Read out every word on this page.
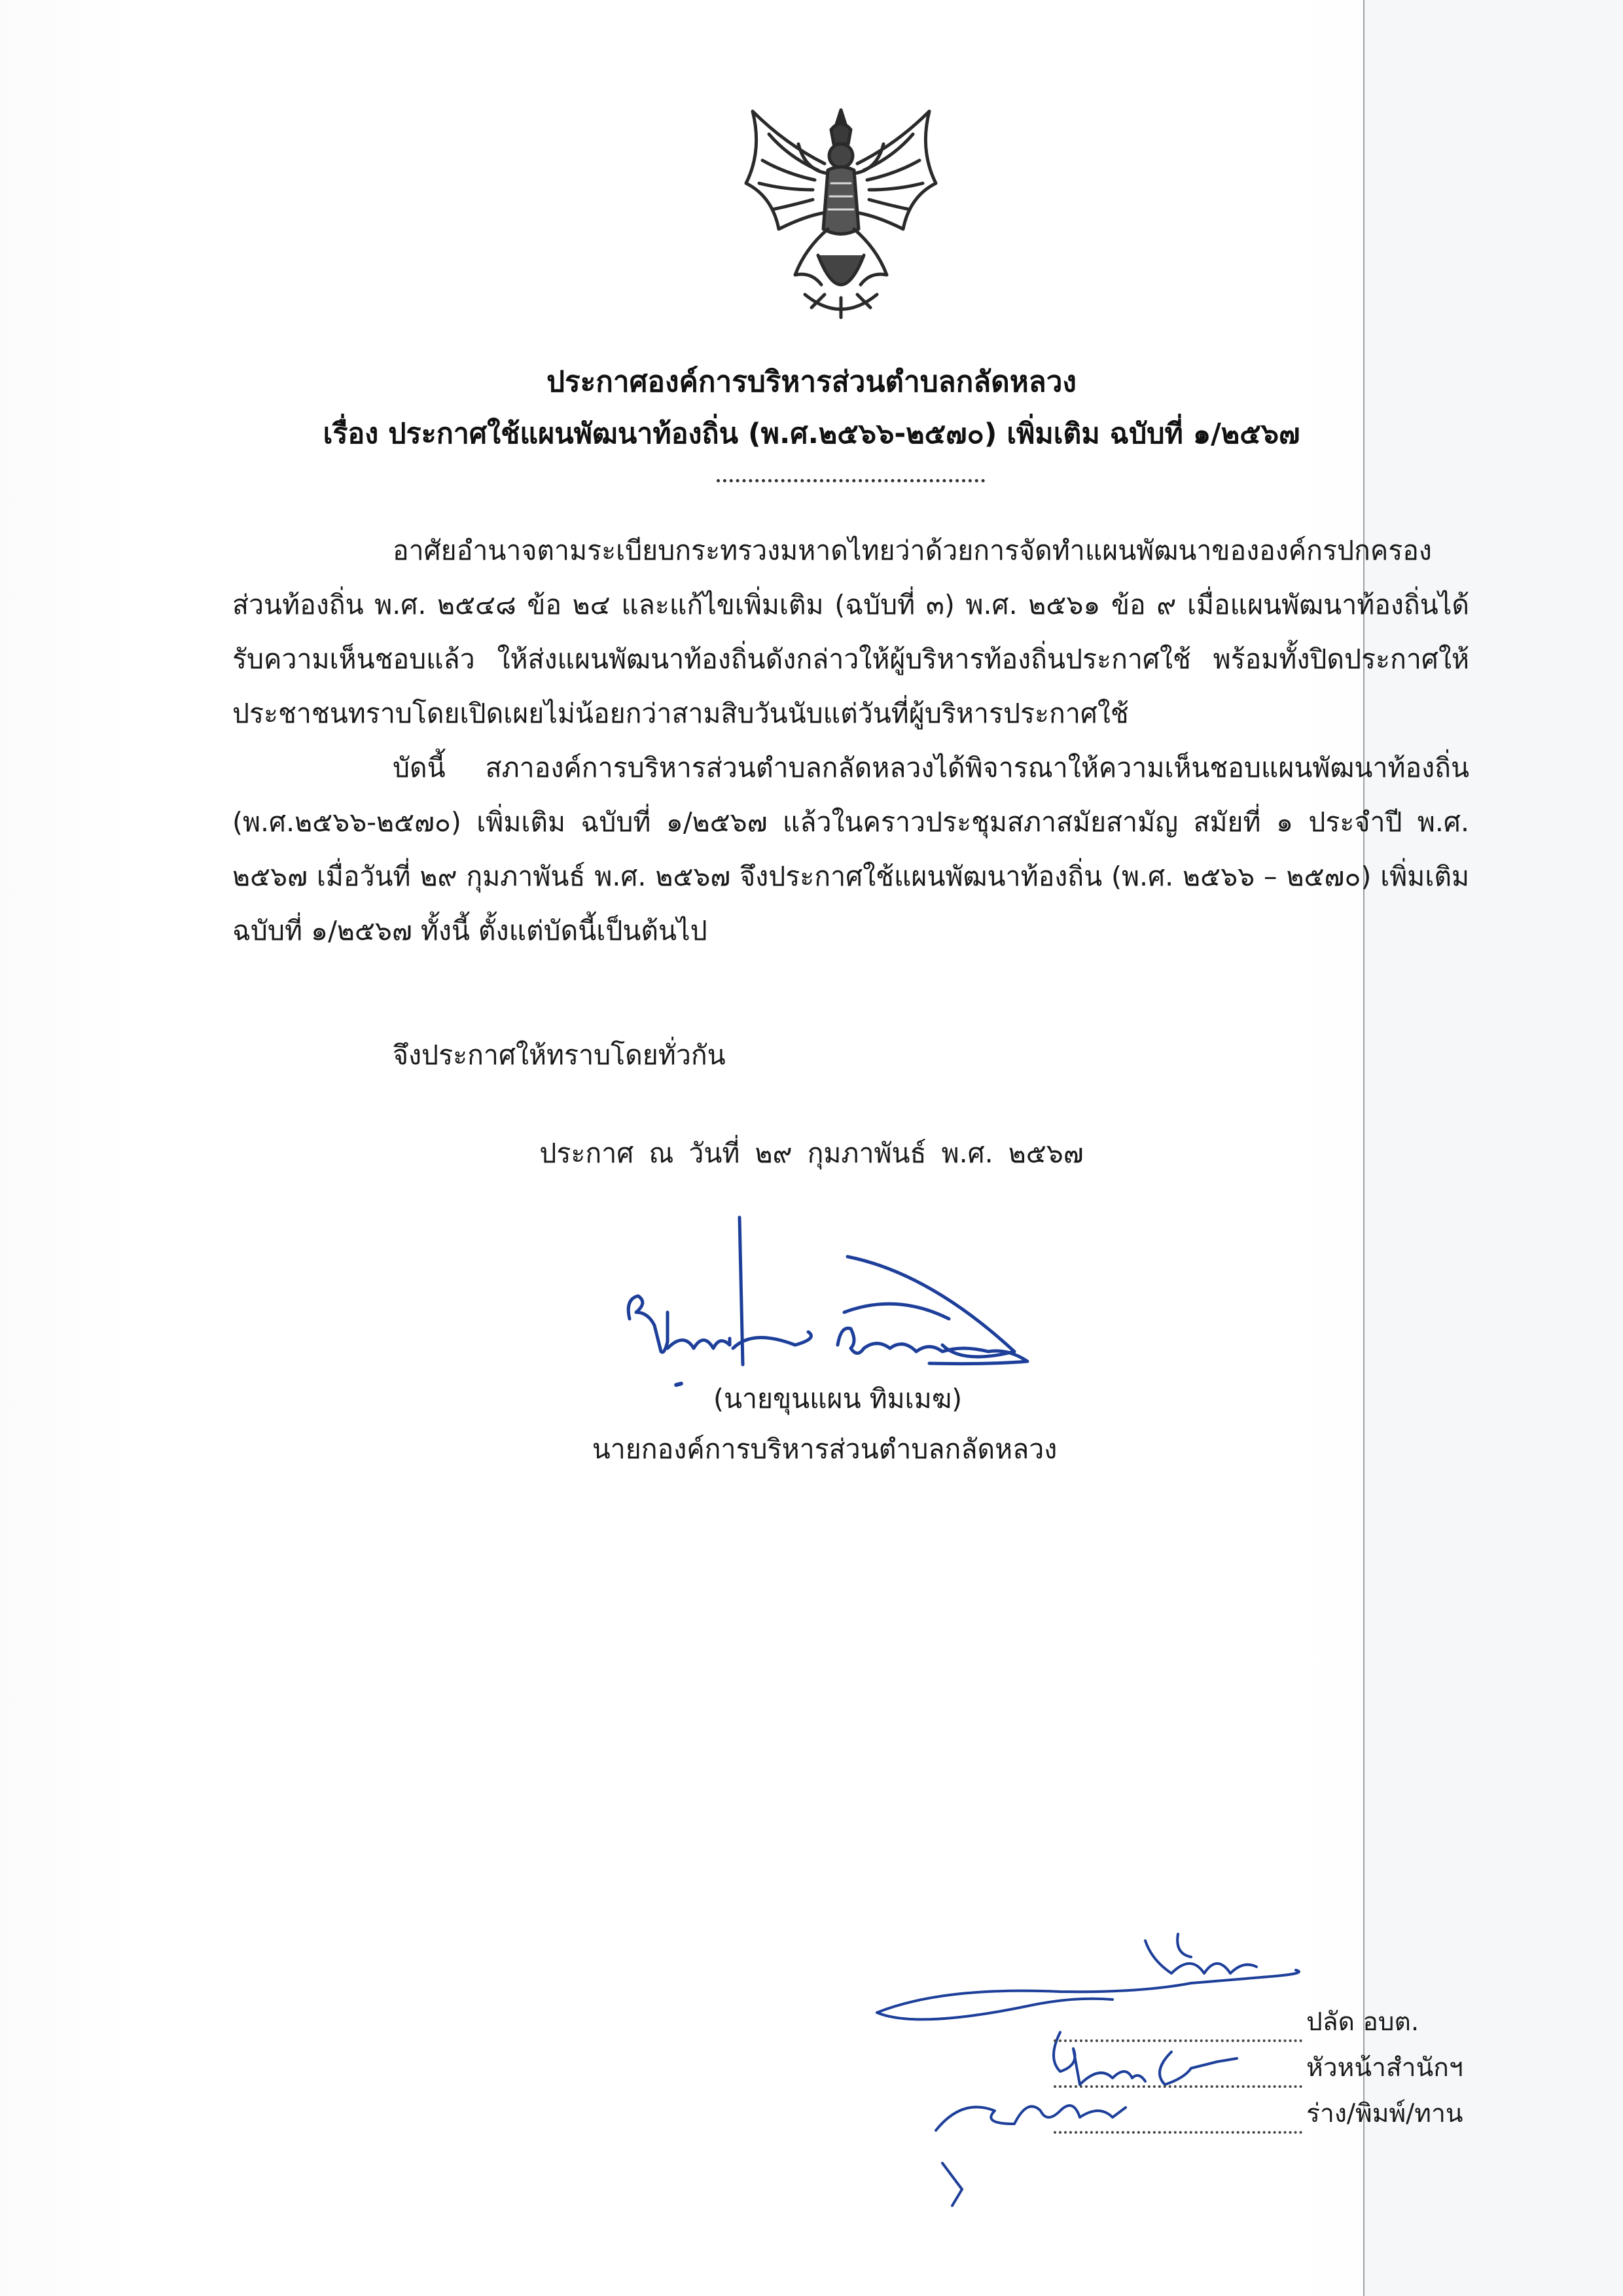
ประกาศองค์การบริหารส่วนตำบลกลัดหลวง
เรื่อง ประกาศใช้แผนพัฒนาท้องถิ่น (พ.ศ.๒๕๖๖-๒๕๗๐) เพิ่มเติม ฉบับที่ ๑/๒๕๖๗

อาศัยอำนาจตามระเบียบกระทรวงมหาดไทยว่าด้วยการจัดทำแผนพัฒนาขององค์กรปกครองส่วนท้องถิ่น พ.ศ. ๒๕๔๘ ข้อ ๒๔ และแก้ไขเพิ่มเติม (ฉบับที่ ๓) พ.ศ. ๒๕๖๑ ข้อ ๙ เมื่อแผนพัฒนาท้องถิ่นได้รับความเห็นชอบแล้ว ให้ส่งแผนพัฒนาท้องถิ่นดังกล่าวให้ผู้บริหารท้องถิ่นประกาศใช้ พร้อมทั้งปิดประกาศให้ประชาชนทราบโดยเปิดเผยไม่น้อยกว่าสามสิบวันนับแต่วันที่ผู้บริหารประกาศใช้

บัดนี้ สภาองค์การบริหารส่วนตำบลกลัดหลวงได้พิจารณาให้ความเห็นชอบแผนพัฒนาท้องถิ่น (พ.ศ.๒๕๖๖-๒๕๗๐) เพิ่มเติม ฉบับที่ ๑/๒๕๖๗ แล้วในคราวประชุมสภาสมัยสามัญ สมัยที่ ๑ ประจำปี พ.ศ. ๒๕๖๗ เมื่อวันที่ ๒๙ กุมภาพันธ์ พ.ศ. ๒๕๖๗ จึงประกาศใช้แผนพัฒนาท้องถิ่น (พ.ศ. ๒๕๖๖ – ๒๕๗๐) เพิ่มเติม ฉบับที่ ๑/๒๕๖๗ ทั้งนี้ ตั้งแต่บัดนี้เป็นต้นไป

จึงประกาศให้ทราบโดยทั่วกัน
ประกาศ ณ วันที่ ๒๙ กุมภาพันธ์ พ.ศ. ๒๕๖๗
(นายขุนแผน ทิมเมฆ)
นายกองค์การบริหารส่วนตำบลกลัดหลวง
ปลัด อบต.
หัวหน้าสำนักฯ
ร่าง/พิมพ์/ทาน
